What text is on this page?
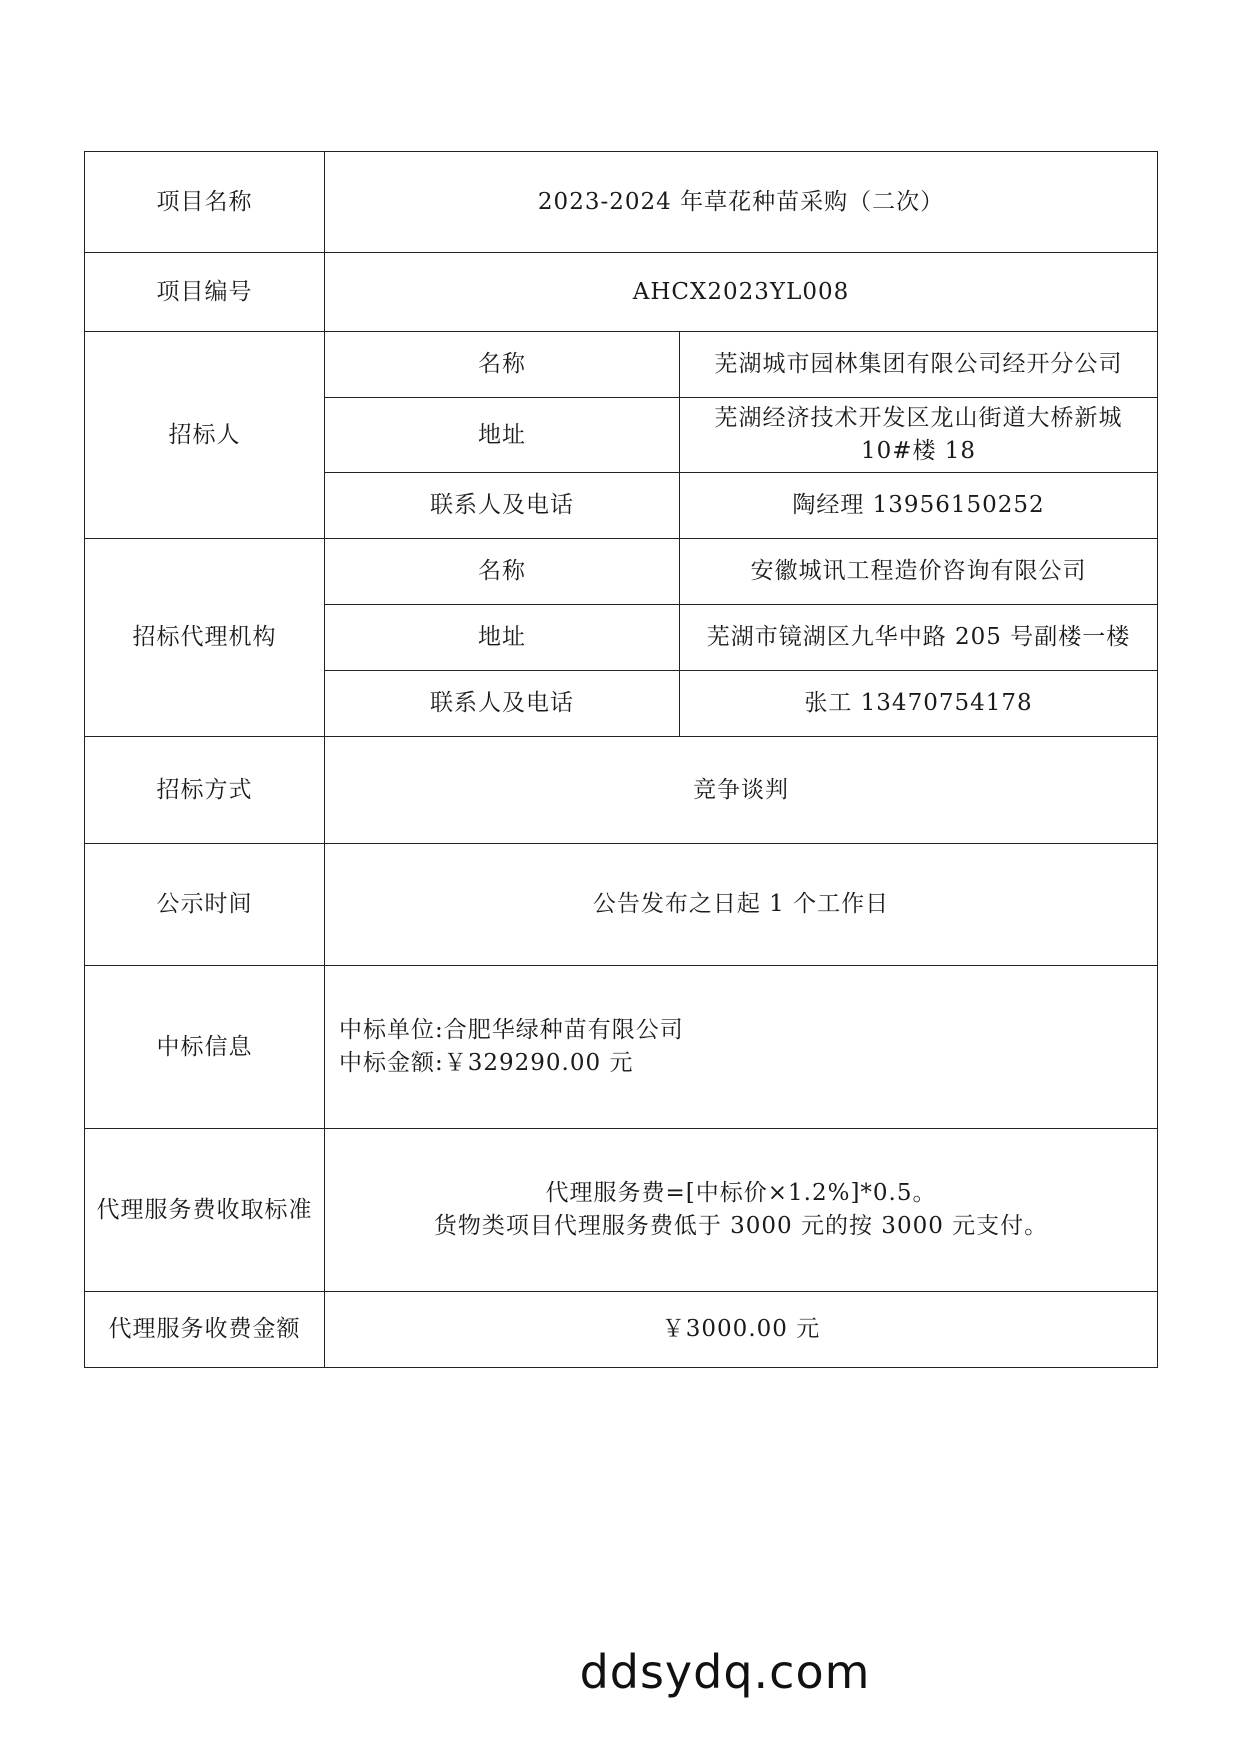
项目名称	2023-2024 年草花种苗采购（二次）	
项目编号	AHCX2023YL008	
招标人	名称	芜湖城市园林集团有限公司经开分公司
	地址	芜湖经济技术开发区龙山街道大桥新城
10#楼 18

	联系人及电话	陶经理 13956150252
招标代理机构	名称	安徽城讯工程造价咨询有限公司
	地址	芜湖市镜湖区九华中路 205 号副楼一楼
	联系人及电话	张工 13470754178
招标方式	竞争谈判	
公示时间	公告发布之日起 1 个工作日	
中标信息	中标单位:合肥华绿种苗有限公司
中标金额:￥329290.00 元	

代理服务费收取标准	代理服务费=[中标价×1.2%]*0.5。
货物类项目代理服务费低于 3000 元的按 3000 元支付。	

代理服务收费金额	￥3000.00 元	
ddsydq.com
